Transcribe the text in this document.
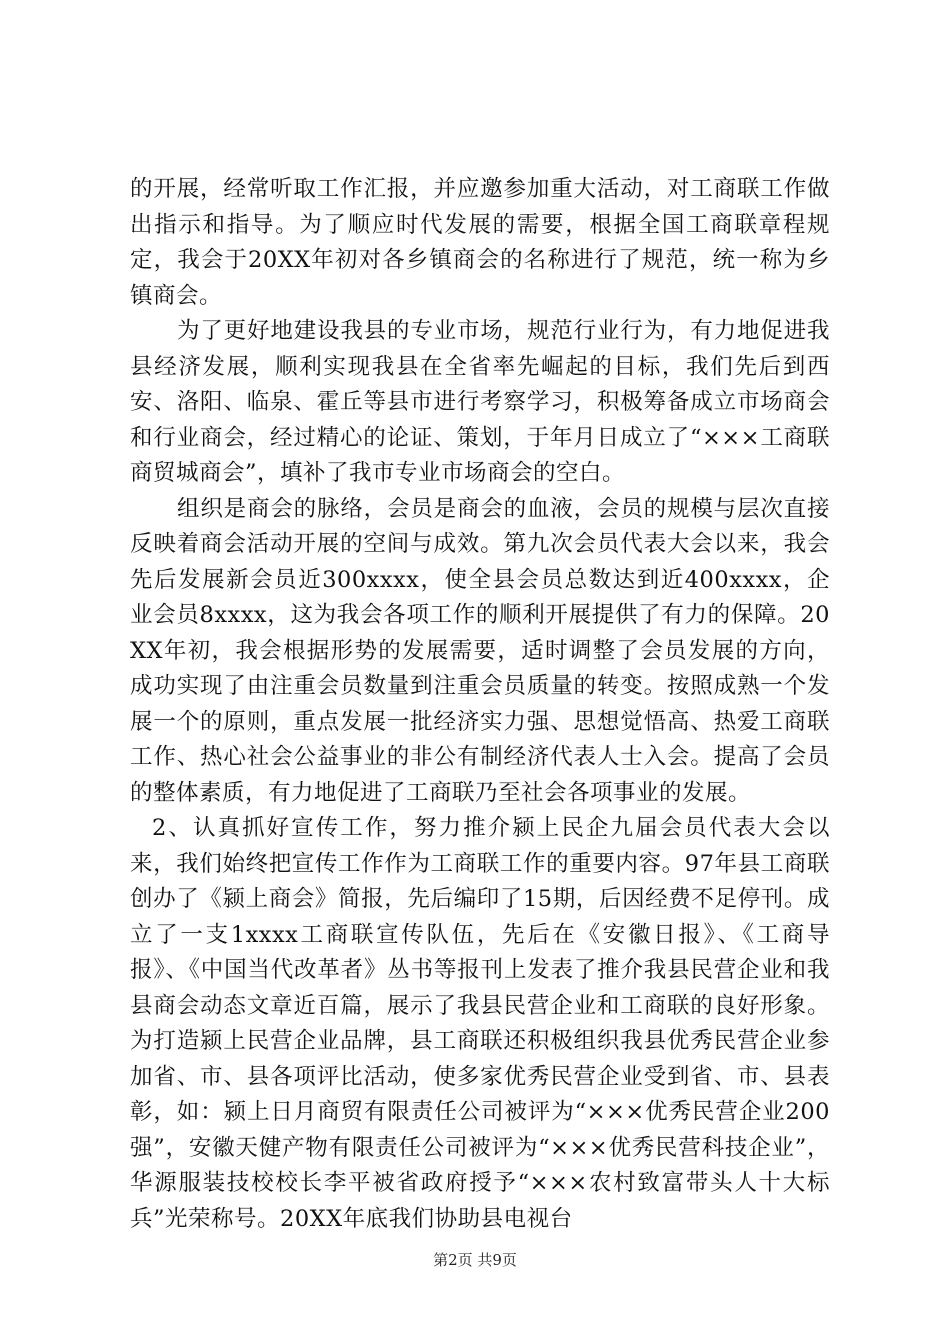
的开展，经常听取工作汇报，并应邀参加重大活动，对工商联工作做出指示和指导。为了顺应时代发展的需要，根据全国工商联章程规定，我会于20XX年初对各乡镇商会的名称进行了规范，统一称为乡镇商会。

为了更好地建设我县的专业市场，规范行业行为，有力地促进我县经济发展，顺利实现我县在全省率先崛起的目标，我们先后到西安、洛阳、临泉、霍丘等县市进行考察学习，积极筹备成立市场商会和行业商会，经过精心的论证、策划，于年月日成立了“×××工商联商贸城商会”，填补了我市专业市场商会的空白。

组织是商会的脉络，会员是商会的血液，会员的规模与层次直接反映着商会活动开展的空间与成效。第九次会员代表大会以来，我会先后发展新会员近300xxxx，使全县会员总数达到近400xxxx，企业会员8xxxx，这为我会各项工作的顺利开展提供了有力的保障。20XX年初，我会根据形势的发展需要，适时调整了会员发展的方向，成功实现了由注重会员数量到注重会员质量的转变。按照成熟一个发展一个的原则，重点发展一批经济实力强、思想觉悟高、热爱工商联工作、热心社会公益事业的非公有制经济代表人士入会。提高了会员的整体素质，有力地促进了工商联乃至社会各项事业的发展。

2、认真抓好宣传工作，努力推介颍上民企九届会员代表大会以来，我们始终把宣传工作作为工商联工作的重要内容。97年县工商联创办了《颍上商会》简报，先后编印了15期，后因经费不足停刊。成立了一支1xxxx工商联宣传队伍，先后在《安徽日报》、《工商导报》、《中国当代改革者》丛书等报刊上发表了推介我县民营企业和我县商会动态文章近百篇，展示了我县民营企业和工商联的良好形象。为打造颍上民营企业品牌，县工商联还积极组织我县优秀民营企业参加省、市、县各项评比活动，使多家优秀民营企业受到省、市、县表彰，如：颍上日月商贸有限责任公司被评为“×××优秀民营企业200强”，安徽天健产物有限责任公司被评为“×××优秀民营科技企业”，华源服装技校校长李平被省政府授予“×××农村致富带头人十大标兵”光荣称号。20XX年底我们协助县电视台

第2页 共9页
